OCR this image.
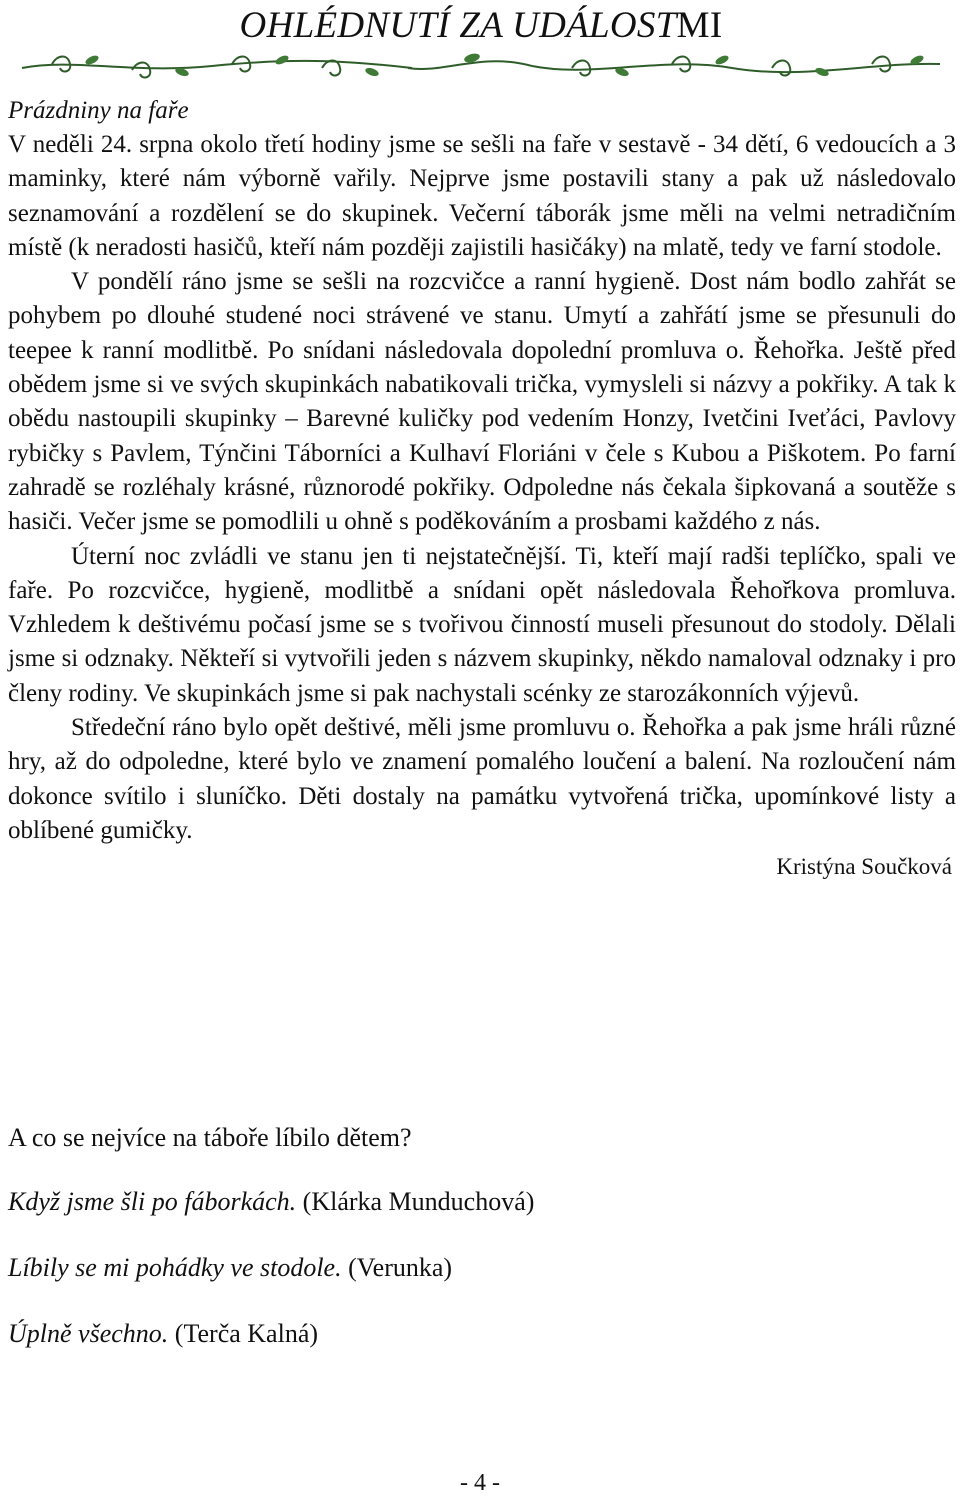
OHLÉDNUTÍ ZA UDÁLOSTMI
Prázdniny na faře

V neděli 24. srpna okolo třetí hodiny jsme se sešli na faře v sestavě - 34 dětí, 6 vedoucích a 3 maminky, které nám výborně vařily. Nejprve jsme postavili stany a pak už následovalo seznamování a rozdělení se do skupinek. Večerní táborák jsme měli na velmi netradičním místě (k neradosti hasičů, kteří nám později zajistili hasičáky) na mlatě, tedy ve farní stodole.

V pondělí ráno jsme se sešli na rozcvičce a ranní hygieně. Dost nám bodlo zahřát se pohybem po dlouhé studené noci strávené ve stanu. Umytí a zahřátí jsme se přesunuli do teepee k ranní modlitbě. Po snídani následovala dopolední promluva o. Řehořka. Ještě před obědem jsme si ve svých skupinkách nabatikovali trička, vymysleli si názvy a pokřiky. A tak k obědu nastoupili skupinky – Barevné kuličky pod vedením Honzy, Ivetčini Iveťáci, Pavlovy rybičky s Pavlem, Týnčini Táborníci a Kulhaví Floriáni v čele s Kubou a Piškotem. Po farní zahradě se rozléhaly krásné, různorodé pokřiky. Odpoledne nás čekala šipkovaná a soutěže s hasiči. Večer jsme se pomodlili u ohně s poděkováním a prosbami každého z nás.

Úterní noc zvládli ve stanu jen ti nejstatečnější. Ti, kteří mají radši teplíčko, spali ve faře. Po rozcvičce, hygieně, modlitbě a snídani opět následovala Řehořkova promluva. Vzhledem k deštivému počasí jsme se s tvořivou činností museli přesunout do stodoly. Dělali jsme si odznaky. Někteří si vytvořili jeden s názvem skupinky, někdo namaloval odznaky i pro členy rodiny. Ve skupinkách jsme si pak nachystali scénky ze starozákonních výjevů.

Středeční ráno bylo opět deštivé, měli jsme promluvu o. Řehořka a pak jsme hráli různé hry, až do odpoledne, které bylo ve znamení pomalého loučení a balení. Na rozloučení nám dokonce svítilo i sluníčko. Děti dostaly na památku vytvořená trička, upomínkové listy a oblíbené gumičky.

Kristýna Součková

A co se nejvíce na táboře líbilo dětem?

Když jsme šli po fáborkách. (Klárka Munduchová)

Líbily se mi pohádky ve stodole. (Verunka)

Úplně všechno. (Terča Kalná)

- 4 -
